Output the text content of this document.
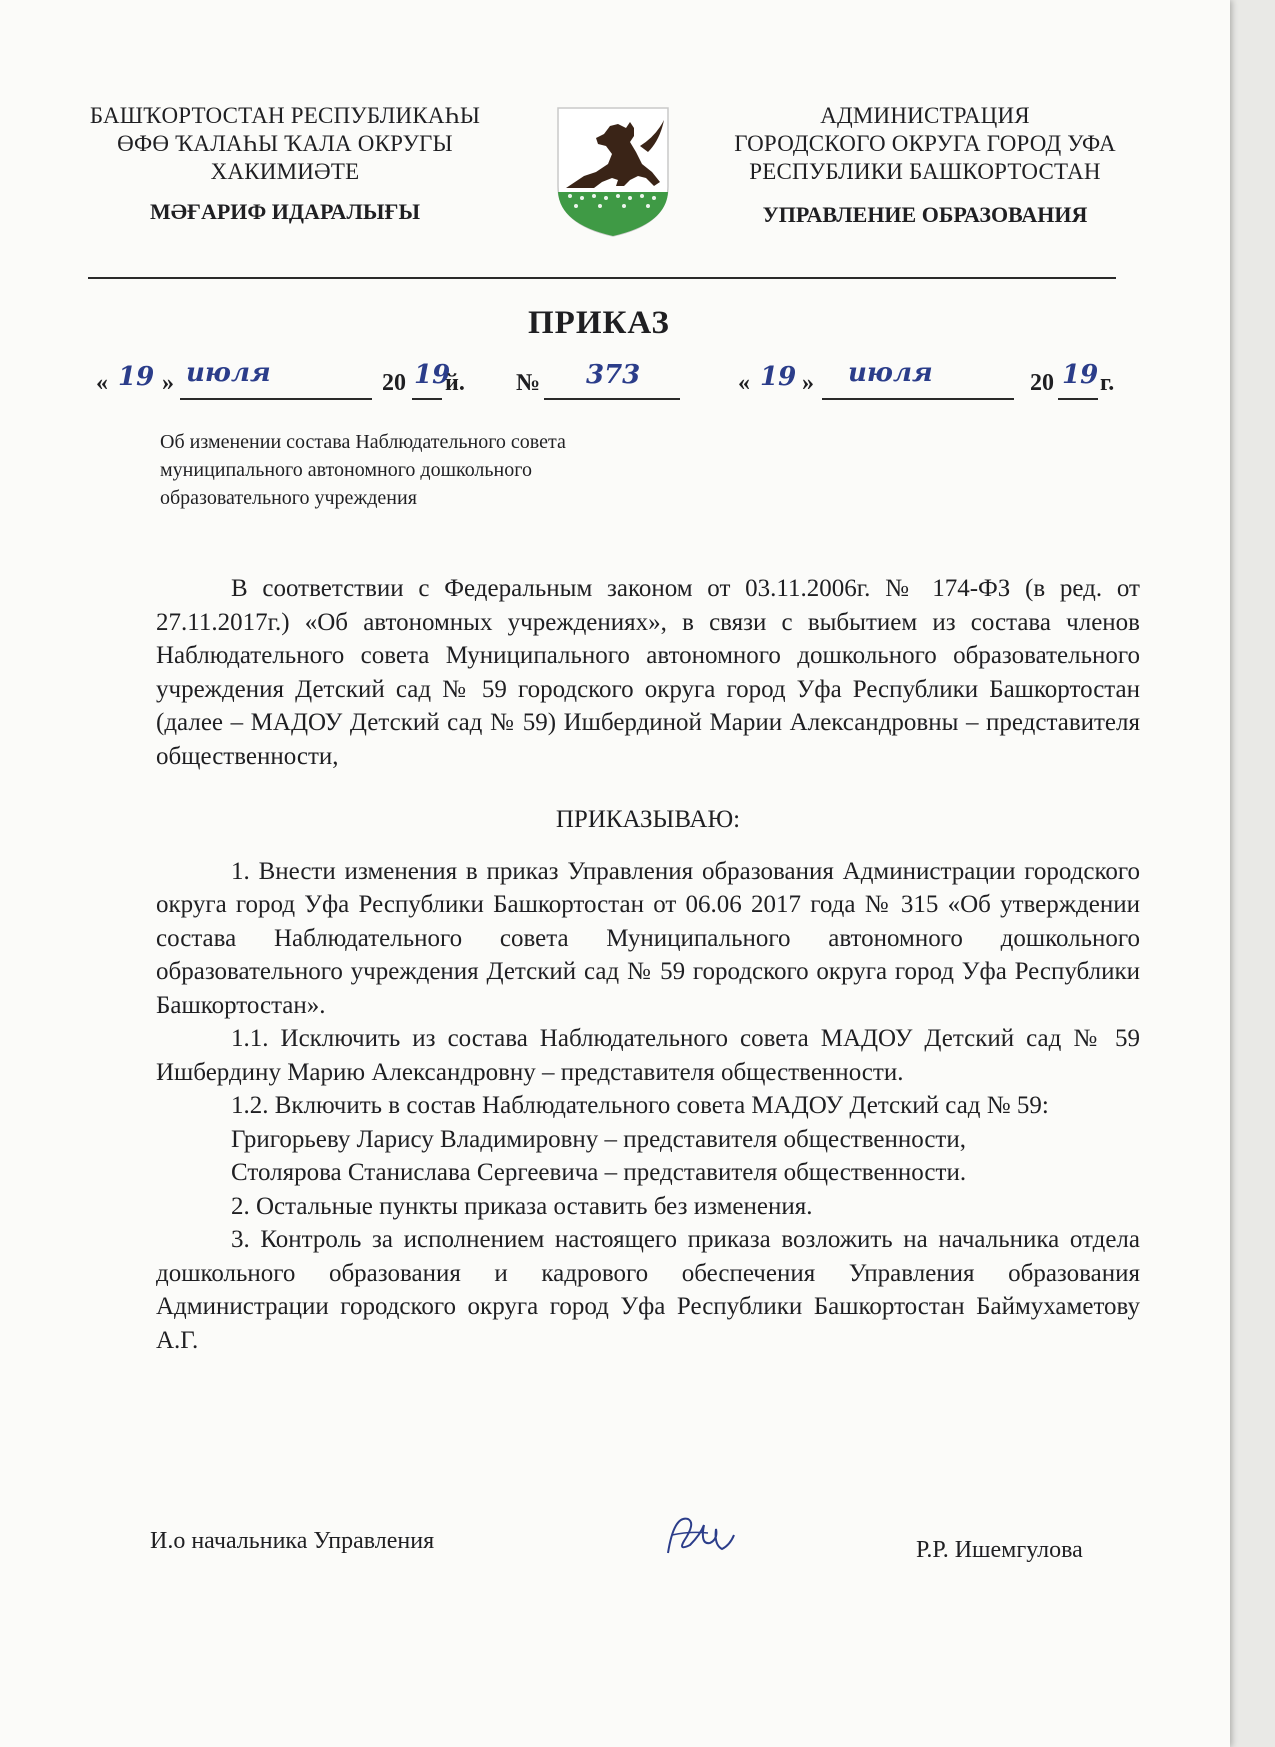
БАШҠОРТОСТАН РЕСПУБЛИКАҺЫ
ӨФӨ ҠАЛАҺЫ ҠАЛА ОКРУГЫ
ХАКИМИӘТЕ
МӘҒАРИФ ИДАРАЛЫҒЫ
АДМИНИСТРАЦИЯ
ГОРОДСКОГО ОКРУГА ГОРОД УФА
РЕСПУБЛИКИ БАШКОРТОСТАН
УПРАВЛЕНИЕ ОБРАЗОВАНИЯ
ПРИКАЗ
« 19 » июля	20 19
й. № 373	« 19 » июля	20 19 г.
Об изменении состава Наблюдательного совета
муниципального автономного дошкольного
образовательного учреждения

В соответствии с Федеральным законом от 03.11.2006г. № 174-ФЗ (в ред. от 27.11.2017г.) «Об автономных учреждениях», в связи с выбытием из состава членов Наблюдательного совета Муниципального автономного дошкольного образовательного учреждения Детский сад № 59 городского округа город Уфа Республики Башкортостан (далее – МАДОУ Детский сад № 59) Ишбердиной Марии Александровны – представителя общественности,

ПРИКАЗЫВАЮ:

1. Внести изменения в приказ Управления образования Администрации городского округа город Уфа Республики Башкортостан от 06.06 2017 года № 315 «Об утверждении состава Наблюдательного совета Муниципального автономного дошкольного образовательного учреждения Детский сад № 59 городского округа город Уфа Республики Башкортостан».

1.1. Исключить из состава Наблюдательного совета МАДОУ Детский сад № 59 Ишбердину Марию Александровну – представителя общественности.

1.2. Включить в состав Наблюдательного совета МАДОУ Детский сад № 59:

Григорьеву Ларису Владимировну – представителя общественности,

Столярова Станислава Сергеевича – представителя общественности.

2. Остальные пункты приказа оставить без изменения.

3. Контроль за исполнением настоящего приказа возложить на начальника отдела дошкольного образования и кадрового обеспечения Управления образования Администрации городского округа город Уфа Республики Башкортостан Баймухаметову А.Г.

И.о начальника Управления	Р.Р. Ишемгулова
